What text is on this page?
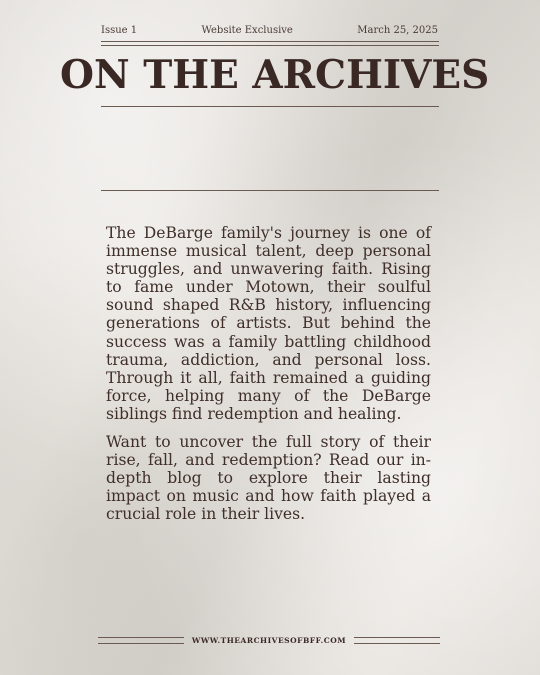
Issue 1	Website Exclusive	March 25, 2025
ON THE ARCHIVES

The DeBarge family's journey is one of immense musical talent, deep personal struggles, and unwavering faith. Rising to fame under Motown, their soulful sound shaped R&B history, influencing generations of artists. But behind the success was a family battling childhood trauma, addiction, and personal loss. Through it all, faith remained a guiding force, helping many of the DeBarge siblings find redemption and healing.

Want to uncover the full story of their rise, fall, and redemption? Read our in-depth blog to explore their lasting impact on music and how faith played a crucial role in their lives.

WWW.THEARCHIVESOFBFF.COM
